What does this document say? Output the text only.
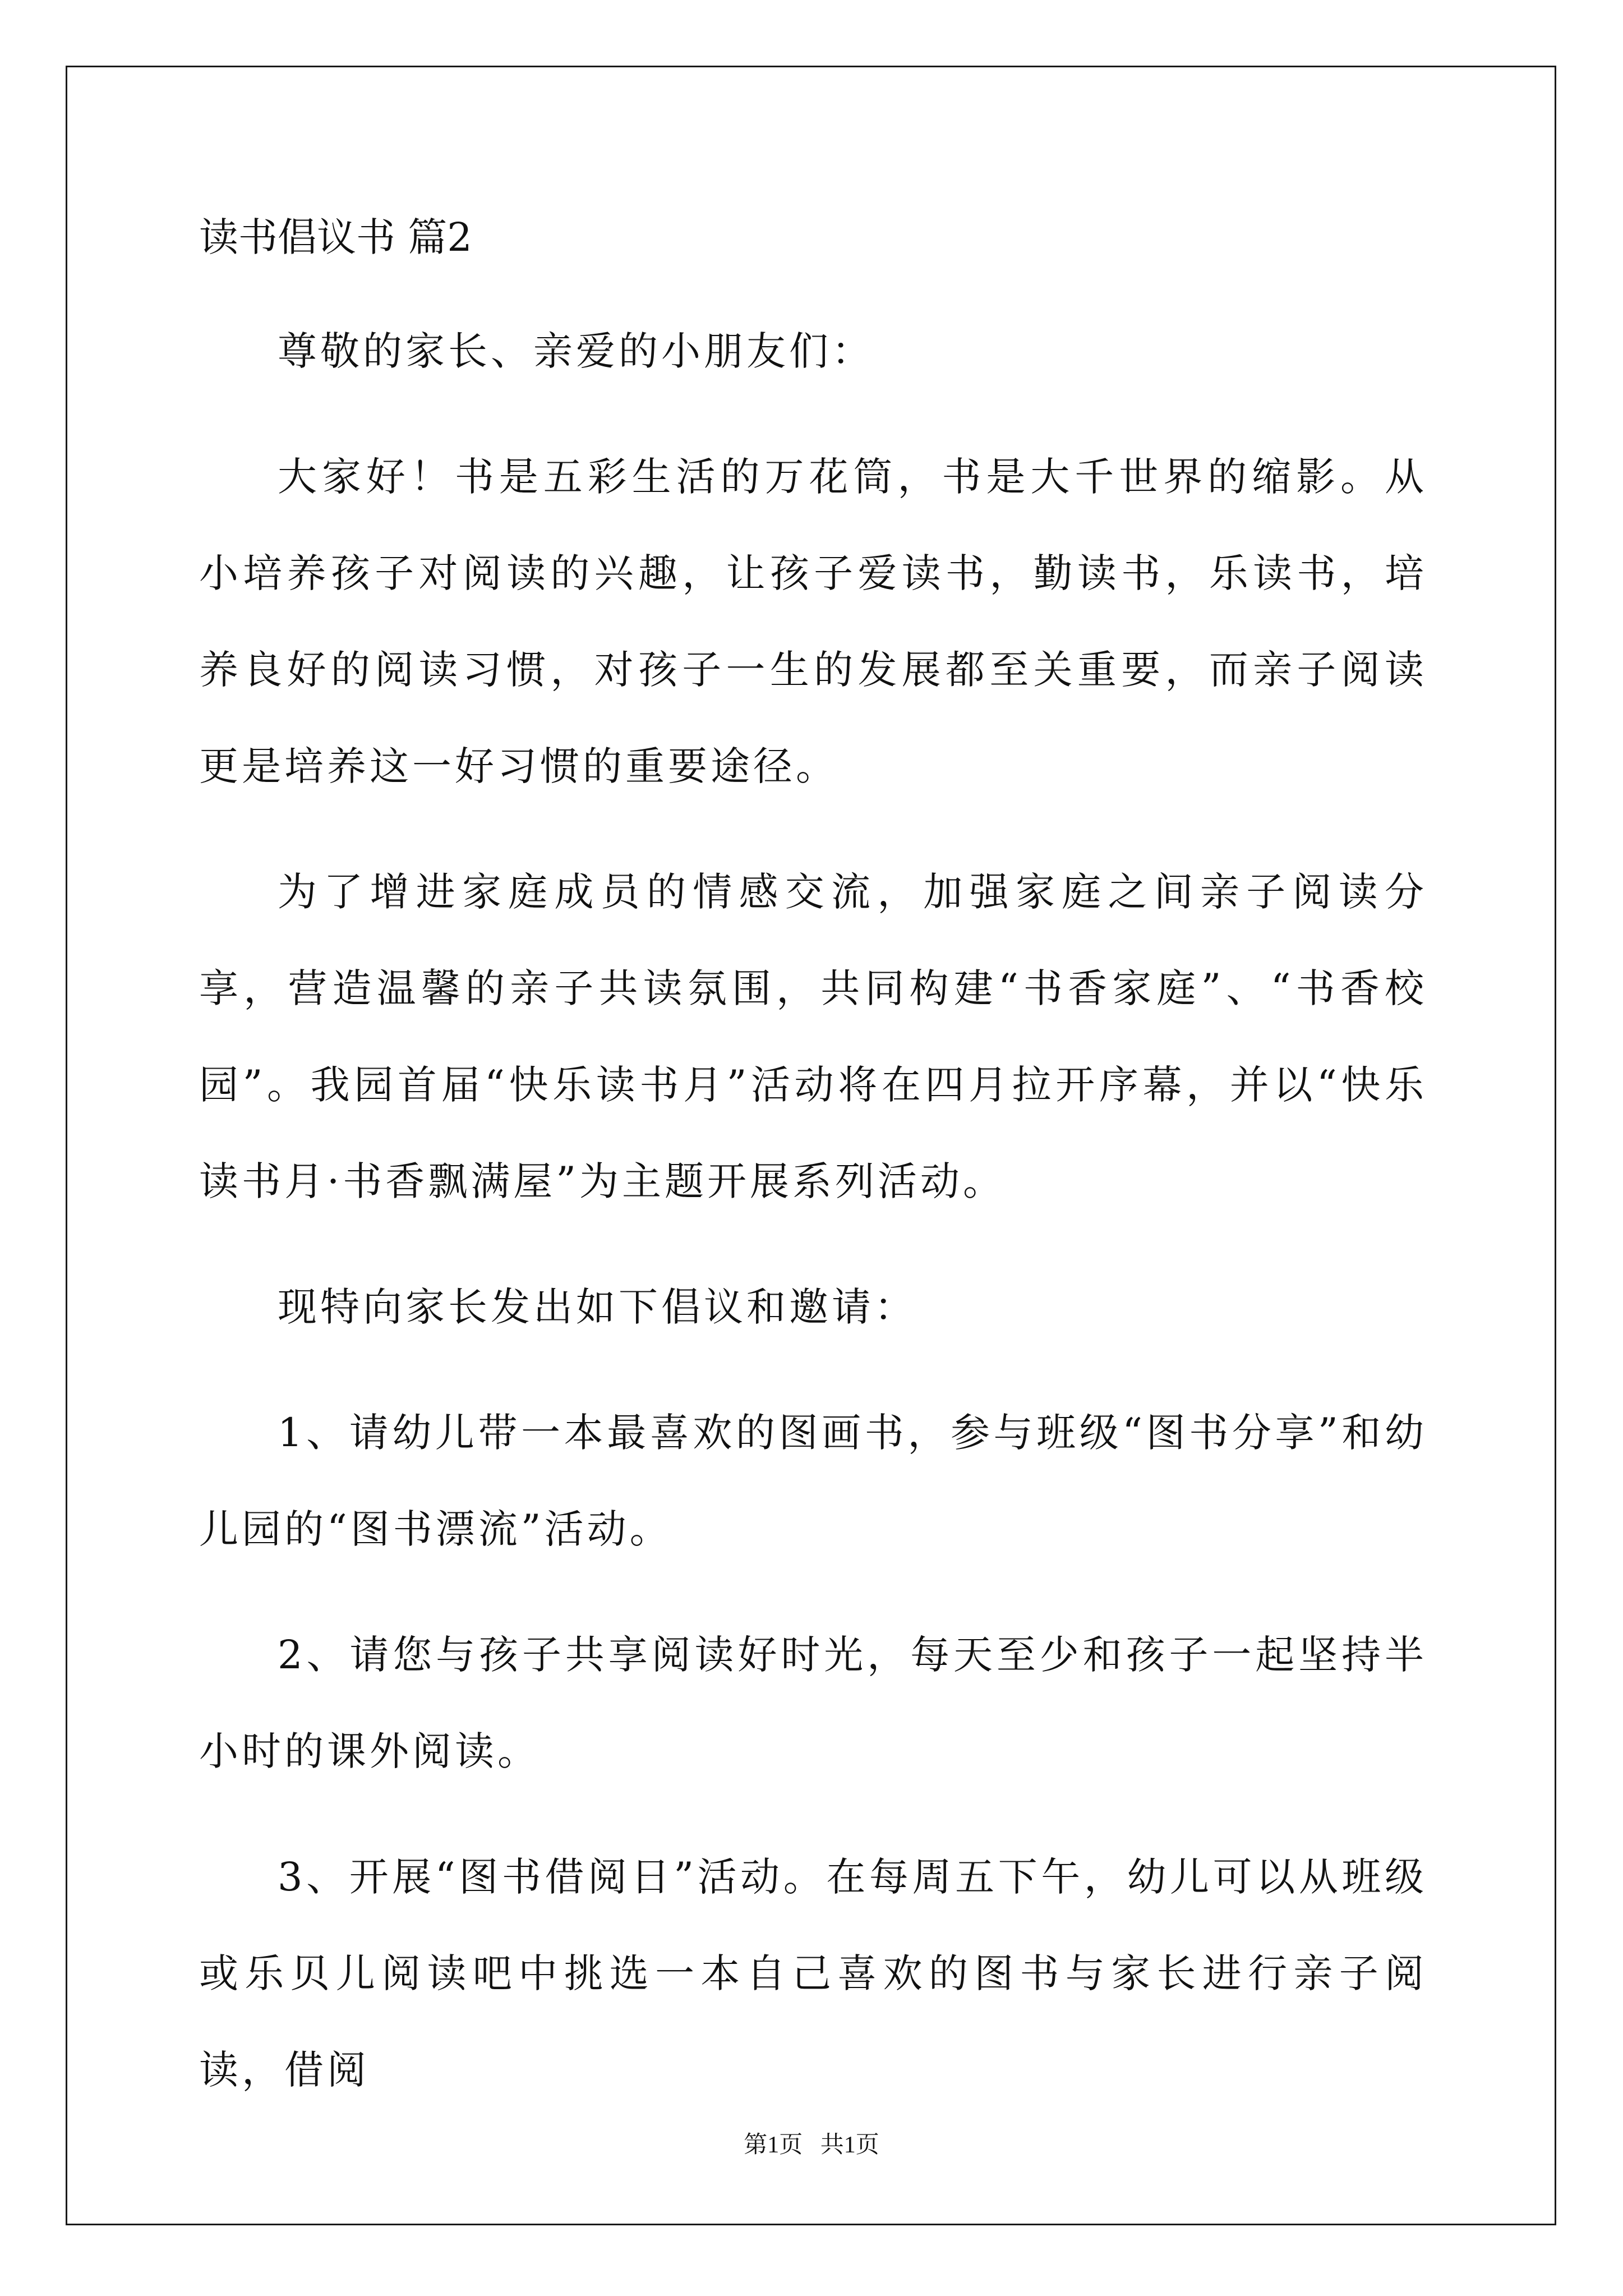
读书倡议书 篇2

尊敬的家长、亲爱的小朋友们：

大家好！书是五彩生活的万花筒，书是大千世界的缩影。从小培养孩子对阅读的兴趣，让孩子爱读书，勤读书，乐读书，培养良好的阅读习惯，对孩子一生的发展都至关重要，而亲子阅读更是培养这一好习惯的重要途径。

为了增进家庭成员的情感交流，加强家庭之间亲子阅读分享，营造温馨的亲子共读氛围，共同构建“书香家庭”、“书香校园”。我园首届“快乐读书月”活动将在四月拉开序幕，并以“快乐读书月·书香飘满屋”为主题开展系列活动。

现特向家长发出如下倡议和邀请：

1、请幼儿带一本最喜欢的图画书，参与班级“图书分享”和幼儿园的“图书漂流”活动。

2、请您与孩子共享阅读好时光，每天至少和孩子一起坚持半小时的课外阅读。

3、开展“图书借阅日”活动。在每周五下午，幼儿可以从班级或乐贝儿阅读吧中挑选一本自己喜欢的图书与家长进行亲子阅读，借阅

第1页   共1页
